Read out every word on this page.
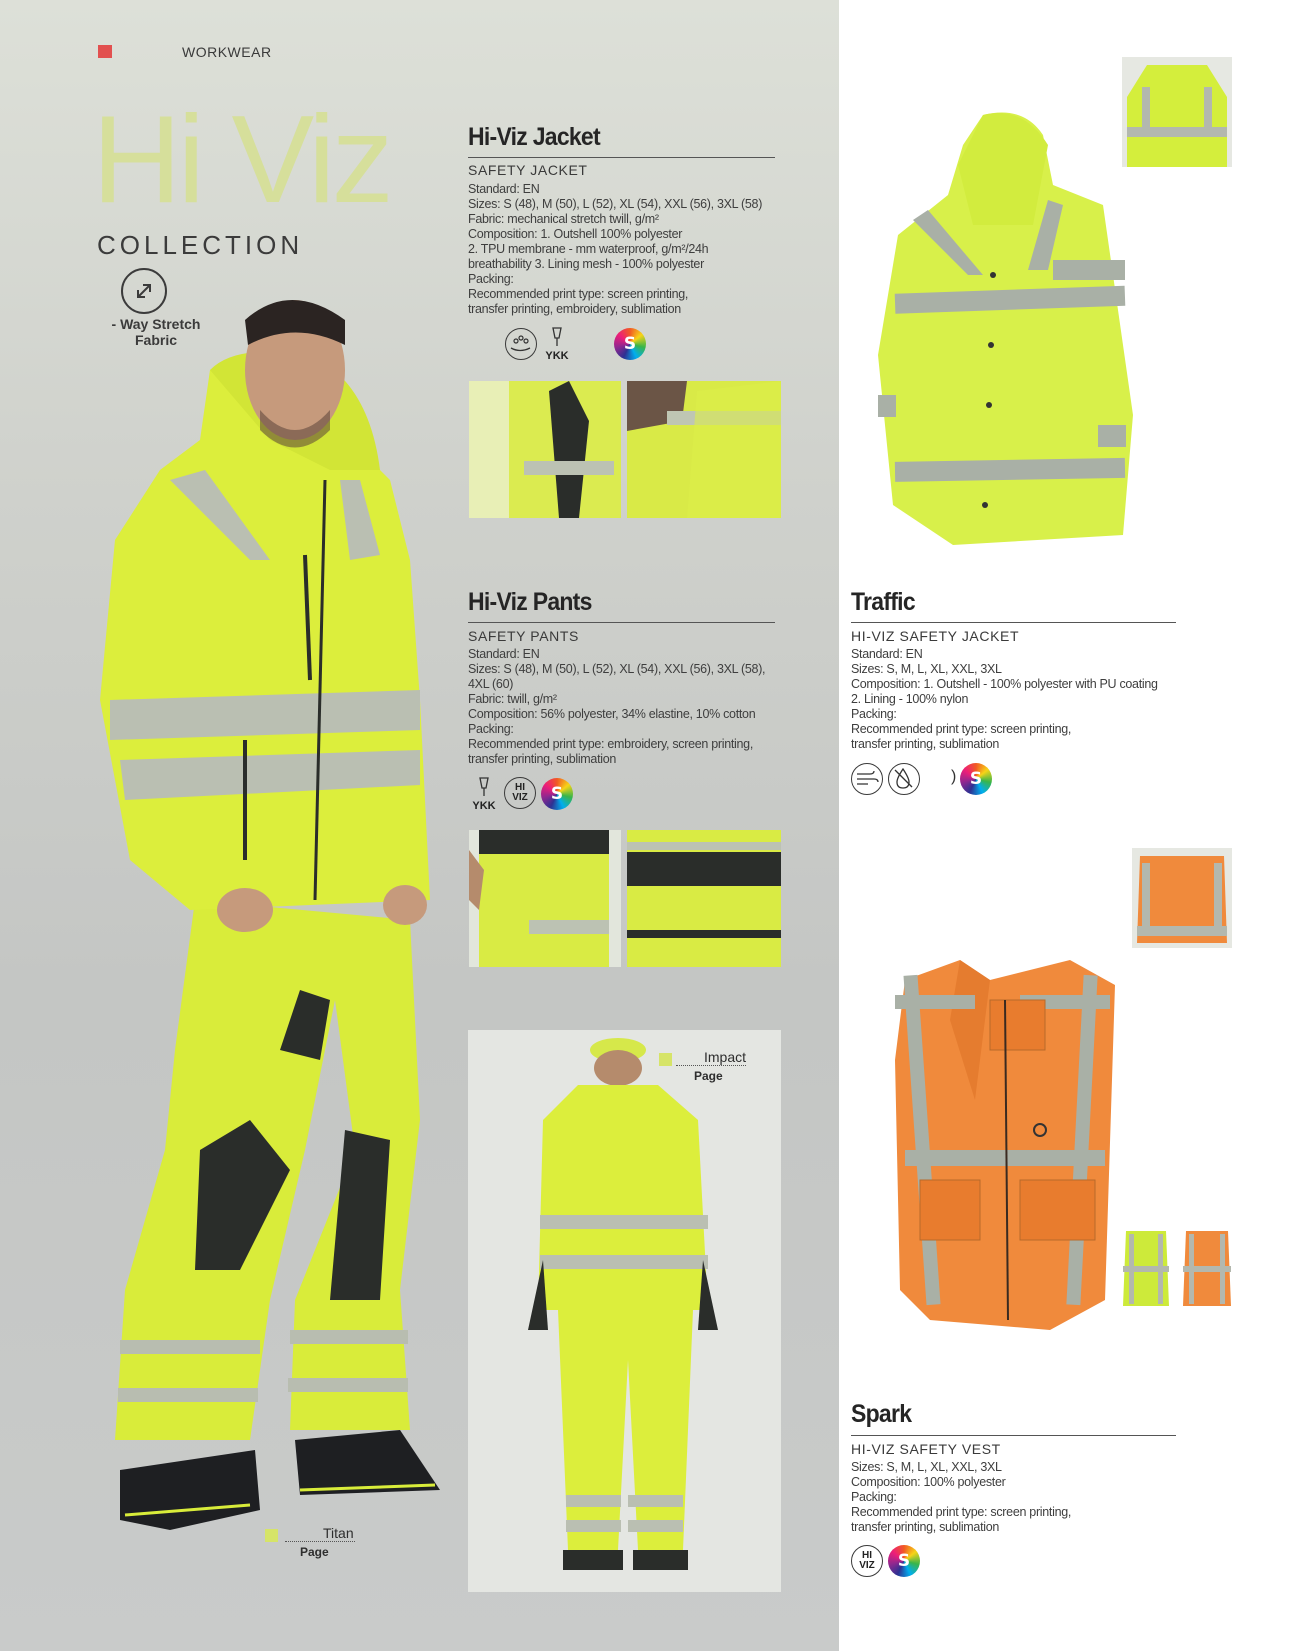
WORKWEAR
Hi Viz
COLLECTION
- Way Stretch
Fabric
Titan
Page
Hi-Viz Jacket
SAFETY JACKET
Standard: EN
Sizes: S (48), M (50), L (52), XL (54), XXL (56), 3XL (58)
Fabric: mechanical stretch twill, g/m²
Composition: 1. Outshell 100% polyester
2. TPU membrane - mm waterproof, g/m²/24h
breathability 3. Lining mesh - 100% polyester
Packing:
Recommended print type: screen printing,
transfer printing, embroidery, sublimation
YKK
S
Hi-Viz Pants
SAFETY PANTS
Standard: EN
Sizes: S (48), M (50), L (52), XL (54), XXL (56), 3XL (58),
4XL (60)
Fabric: twill, g/m²
Composition: 56% polyester, 34% elastine, 10% cotton
Packing:
Recommended print type: embroidery, screen printing,
transfer printing, sublimation
YKK
HI
VIZ S
Impact
Page
Traffic
HI-VIZ SAFETY JACKET
Standard: EN
Sizes: S, M, L, XL, XXL, 3XL
Composition: 1. Outshell - 100% polyester with PU coating
2. Lining - 100% nylon
Packing:
Recommended print type: screen printing,
transfer printing, sublimation
) S
Spark
HI-VIZ SAFETY VEST
Sizes: S, M, L, XL, XXL, 3XL
Composition: 100% polyester
Packing:
Recommended print type: screen printing,
transfer printing, sublimation
HI
VIZ S
